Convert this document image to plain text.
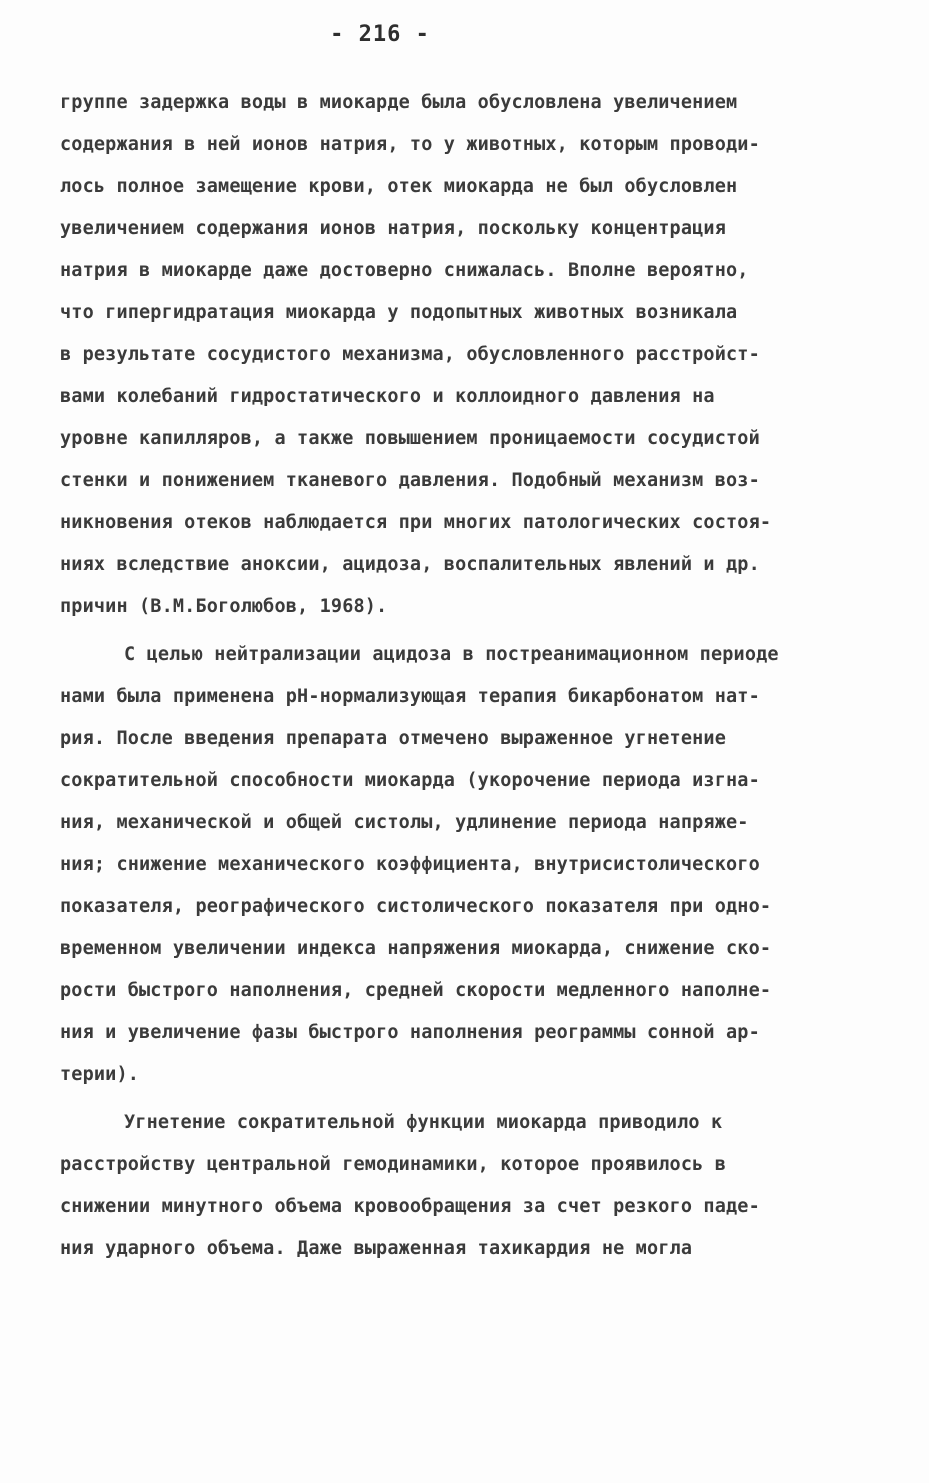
- 216 -
группе задержка воды в миокарде была обусловлена увеличением
содержания в ней ионов натрия, то у животных, которым проводи-
лось полное замещение крови, отек миокарда не был обусловлен
увеличением содержания ионов натрия, поскольку концентрация
натрия в миокарде даже достоверно снижалась. Вполне вероятно,
что гипергидратация миокарда у подопытных животных возникала
в результате сосудистого механизма, обусловленного расстройст-
вами колебаний гидростатического и коллоидного давления на
уровне капилляров, а также повышением проницаемости сосудистой
стенки и понижением тканевого давления. Подобный механизм воз-
никновения отеков наблюдается при многих патологических состоя-
ниях вследствие аноксии, ацидоза, воспалительных явлений и др.
причин (В.М.Боголюбов, 1968).
С целью нейтрализации ацидоза в постреанимационном периоде
нами была применена рН-нормализующая терапия бикарбонатом нат-
рия. После введения препарата отмечено выраженное угнетение
сократительной способности миокарда (укорочение периода изгна-
ния, механической и общей систолы, удлинение периода напряже-
ния; снижение механического коэффициента, внутрисистолического
показателя, реографического систолического показателя при одно-
временном увеличении индекса напряжения миокарда, снижение ско-
рости быстрого наполнения, средней скорости медленного наполне-
ния и увеличение фазы быстрого наполнения реограммы сонной ар-
терии).
Угнетение сократительной функции миокарда приводило к
расстройству центральной гемодинамики, которое проявилось в
снижении минутного объема кровообращения за счет резкого паде-
ния ударного объема. Даже выраженная тахикардия не могла
